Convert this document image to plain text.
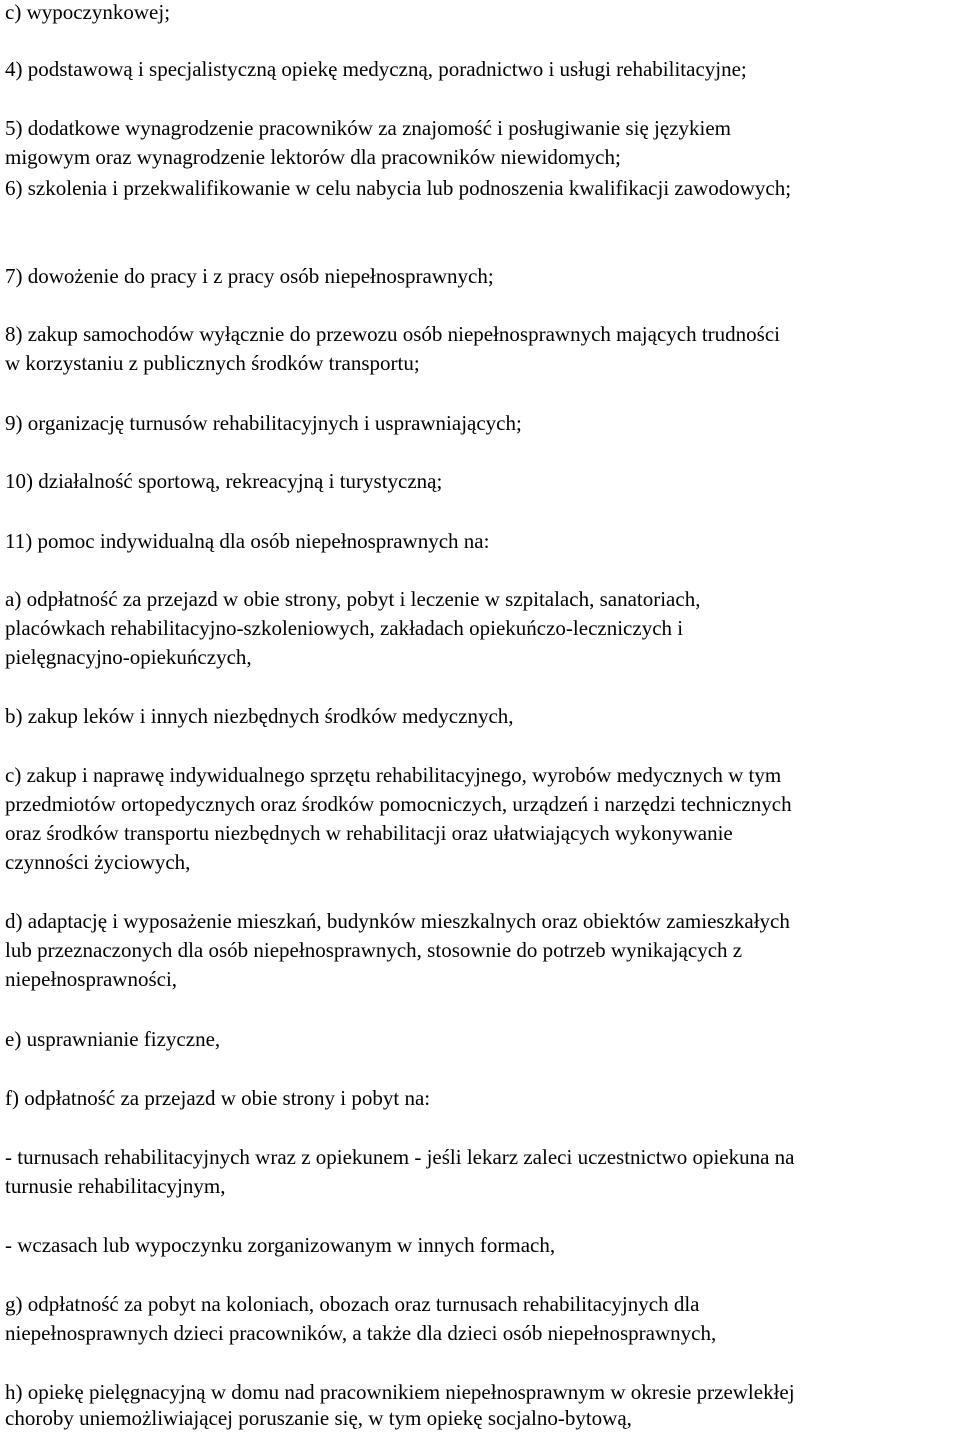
c) wypoczynkowej;
4) podstawową i specjalistyczną opiekę medyczną, poradnictwo i usługi rehabilitacyjne;
5) dodatkowe wynagrodzenie pracowników za znajomość i posługiwanie się językiem
migowym oraz wynagrodzenie lektorów dla pracowników niewidomych;
6) szkolenia i przekwalifikowanie w celu nabycia lub podnoszenia kwalifikacji zawodowych;
7) dowożenie do pracy i z pracy osób niepełnosprawnych;
8) zakup samochodów wyłącznie do przewozu osób niepełnosprawnych mających trudności
w korzystaniu z publicznych środków transportu;
9) organizację turnusów rehabilitacyjnych i usprawniających;
10) działalność sportową, rekreacyjną i turystyczną;
11) pomoc indywidualną dla osób niepełnosprawnych na:
a) odpłatność za przejazd w obie strony, pobyt i leczenie w szpitalach, sanatoriach,
placówkach rehabilitacyjno-szkoleniowych, zakładach opiekuńczo-leczniczych i
pielęgnacyjno-opiekuńczych,
b) zakup leków i innych niezbędnych środków medycznych,
c) zakup i naprawę indywidualnego sprzętu rehabilitacyjnego, wyrobów medycznych w tym
przedmiotów ortopedycznych oraz środków pomocniczych, urządzeń i narzędzi technicznych
oraz środków transportu niezbędnych w rehabilitacji oraz ułatwiających wykonywanie
czynności życiowych,
d) adaptację i wyposażenie mieszkań, budynków mieszkalnych oraz obiektów zamieszkałych
lub przeznaczonych dla osób niepełnosprawnych, stosownie do potrzeb wynikających z
niepełnosprawności,
e) usprawnianie fizyczne,
f) odpłatność za przejazd w obie strony i pobyt na:
- turnusach rehabilitacyjnych wraz z opiekunem - jeśli lekarz zaleci uczestnictwo opiekuna na
turnusie rehabilitacyjnym,
- wczasach lub wypoczynku zorganizowanym w innych formach,
g) odpłatność za pobyt na koloniach, obozach oraz turnusach rehabilitacyjnych dla
niepełnosprawnych dzieci pracowników, a także dla dzieci osób niepełnosprawnych,
h) opiekę pielęgnacyjną w domu nad pracownikiem niepełnosprawnym w okresie przewlekłej
choroby uniemożliwiającej poruszanie się, w tym opiekę socjalno-bytową,
